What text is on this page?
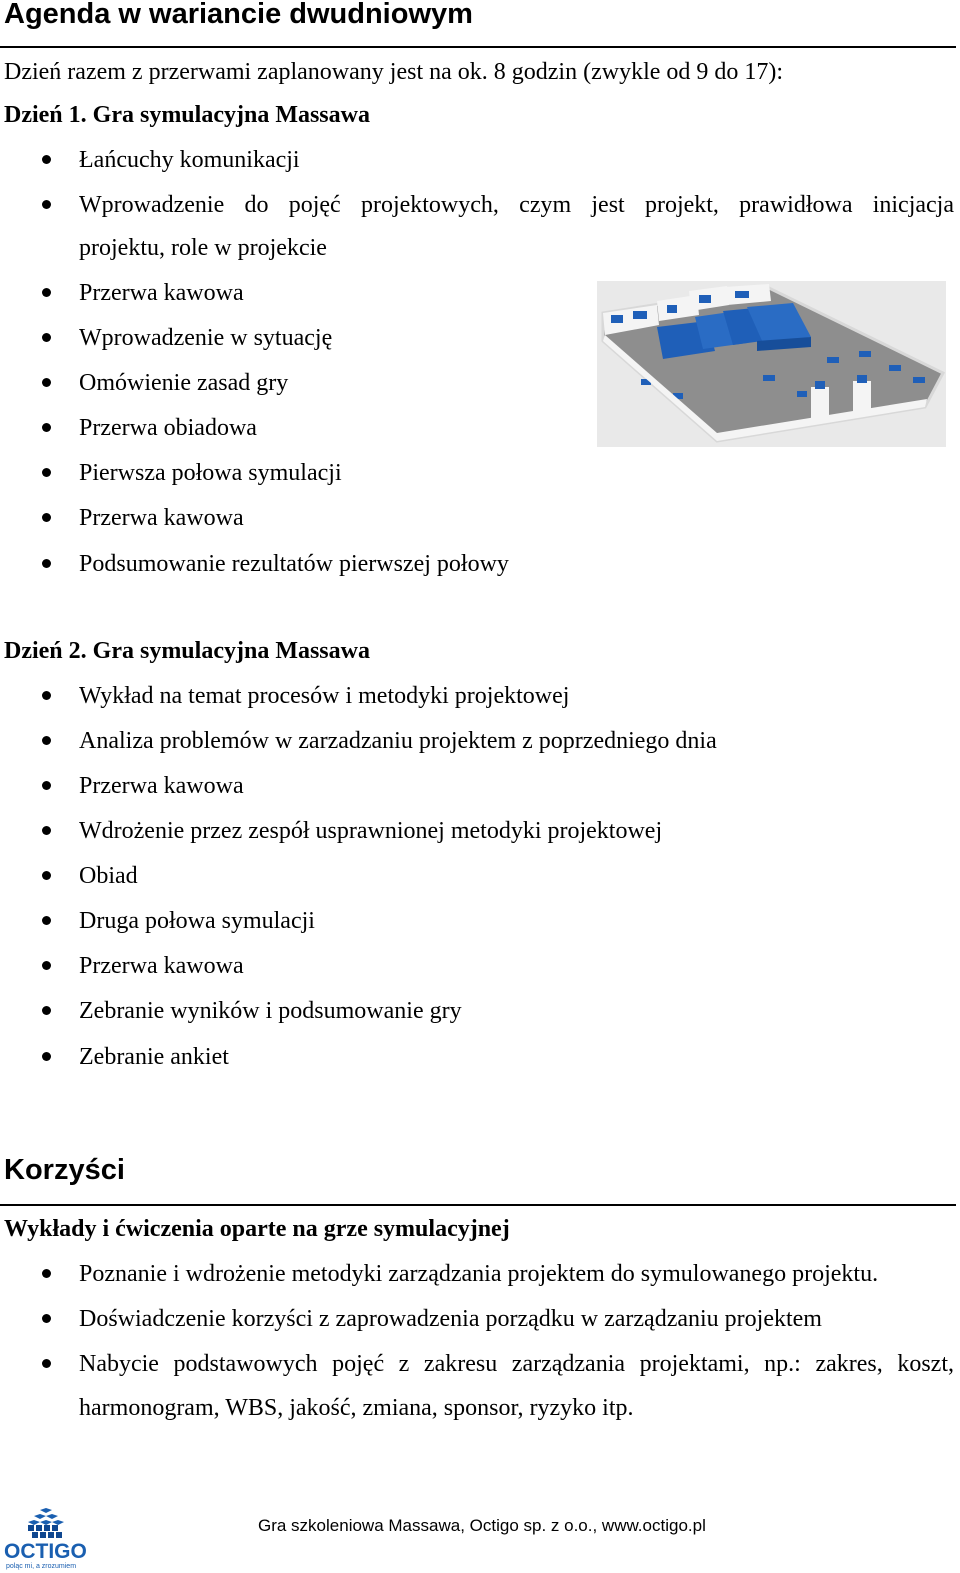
Agenda w wariancie dwudniowym
Dzień razem z przerwami zaplanowany jest na ok. 8 godzin (zwykle od 9 do 17):
Dzień 1. Gra symulacyjna Massawa
Łańcuchy komunikacji
Wprowadzenie do pojęć projektowych, czym jest projekt, prawidłowa inicjacja
projektu, role w projekcie
Przerwa kawowa
Wprowadzenie w sytuację
Omówienie zasad gry
Przerwa obiadowa
Pierwsza połowa symulacji
Przerwa kawowa
Podsumowanie rezultatów pierwszej połowy
Dzień 2. Gra symulacyjna Massawa
Wykład na temat procesów i metodyki projektowej
Analiza problemów w zarzadzaniu projektem z poprzedniego dnia
Przerwa kawowa
Wdrożenie przez zespół usprawnionej metodyki projektowej
Obiad
Druga połowa symulacji
Przerwa kawowa
Zebranie wyników i podsumowanie gry
Zebranie ankiet
Korzyści
Wykłady i ćwiczenia oparte na grze symulacyjnej
Poznanie i wdrożenie metodyki zarządzania projektem do symulowanego projektu.
Doświadczenie korzyści z zaprowadzenia porządku w zarządzaniu projektem
Nabycie podstawowych pojęć z zakresu zarządzania projektami, np.: zakres, koszt,
harmonogram, WBS, jakość, zmiana, sponsor, ryzyko itp.
OCTIGO
poląc mi, a zrozumiem
Gra szkoleniowa Massawa, Octigo sp. z o.o., www.octigo.pl
